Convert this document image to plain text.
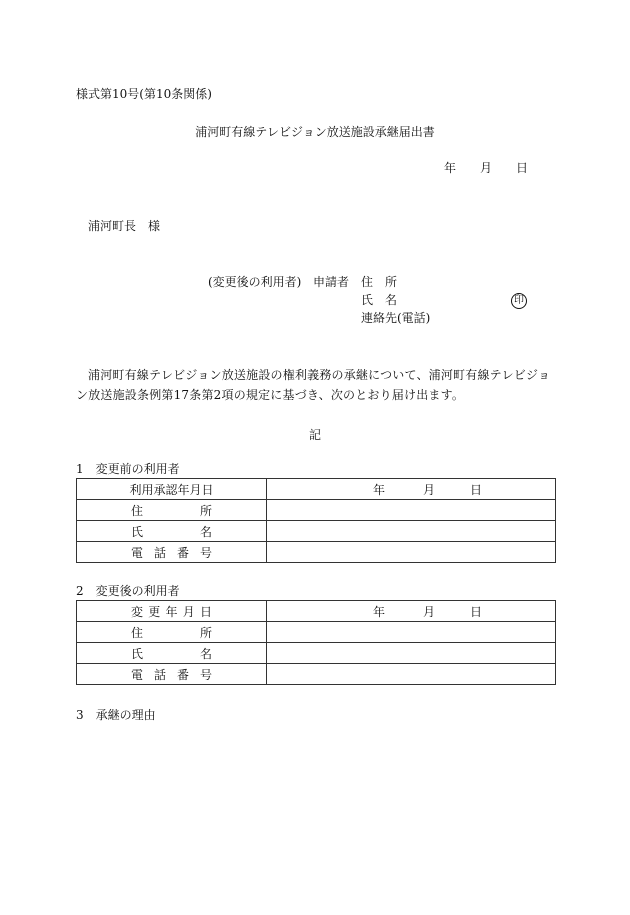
様式第10号(第10条関係)
浦河町有線テレビジョン放送施設承継届出書
年 月 日
浦河町長　様
(変更後の利用者) 申請者 住　所
氏　名	印
連絡先(電話)
浦河町有線テレビジョン放送施設の権利義務の承継について、浦河町有線テレビジョン放送施設条例第17条第2項の規定に基づき、次のとおり届け出ます。
記
1　変更前の利用者
利用承認年月日	年 月 日

住 所	

氏 名	

電 話 番 号	

2　変更後の利用者
変 更 年 月 日	年 月 日

住 所	

氏 名	

電 話 番 号	

3　承継の理由
